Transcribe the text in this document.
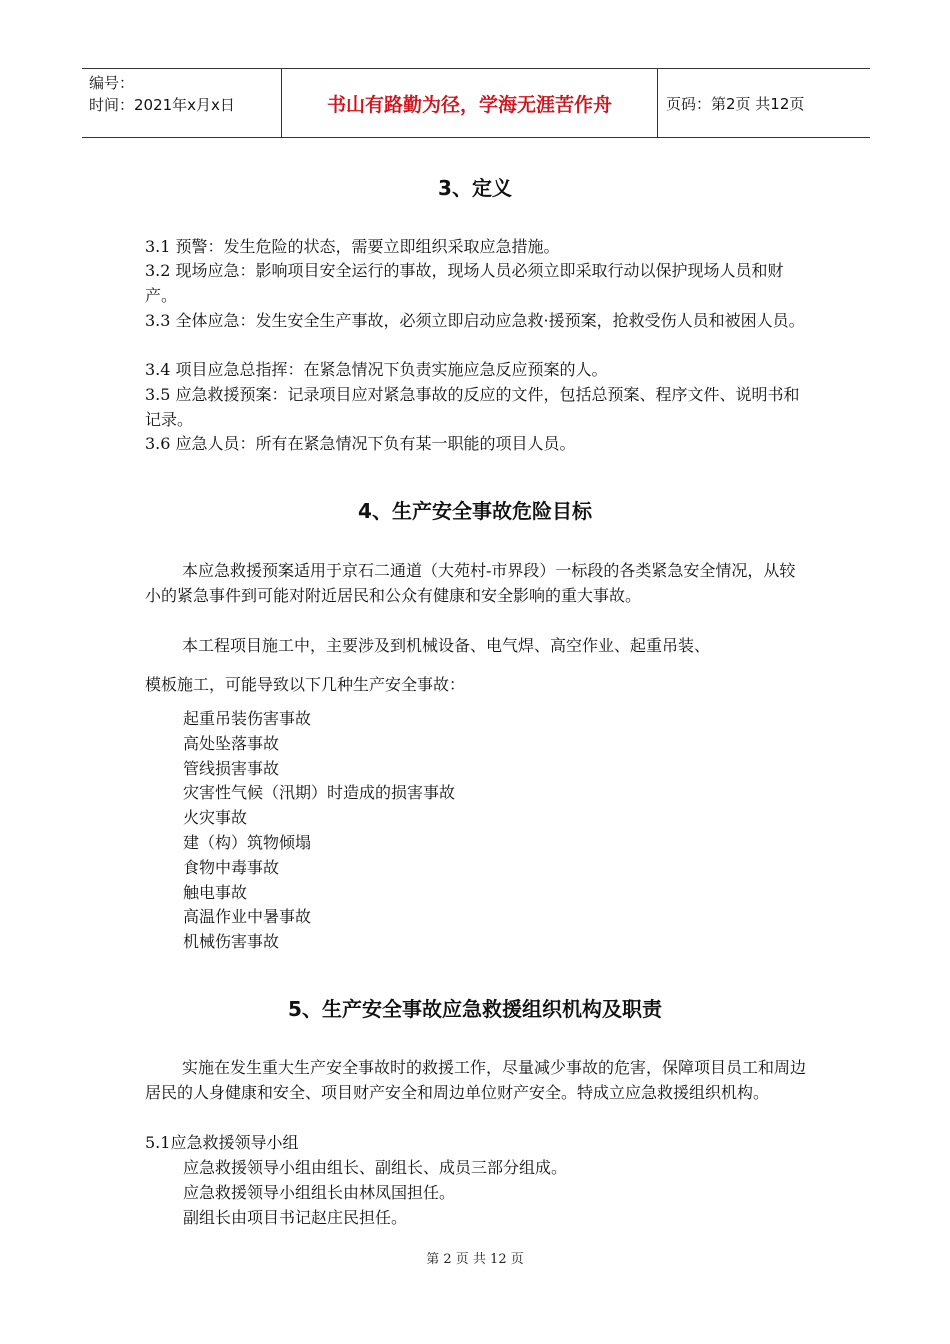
编号：
时间：2021年x月x日	书山有路勤为径，学海无涯苦作舟	页码：第2页 共12页
3、定义
3.1 预警：发生危险的状态，需要立即组织采取应急措施。
3.2 现场应急：影响项目安全运行的事故，现场人员必须立即采取行动以保护现场人员和财产。
3.3 全体应急：发生安全生产事故，必须立即启动应急救·援预案，抢救受伤人员和被困人员。
3.4 项目应急总指挥：在紧急情况下负责实施应急反应预案的人。
3.5 应急救援预案：记录项目应对紧急事故的反应的文件，包括总预案、程序文件、说明书和记录。
3.6 应急人员：所有在紧急情况下负有某一职能的项目人员。
4、生产安全事故危险目标
本应急救援预案适用于京石二通道（大苑村-市界段）一标段的各类紧急安全情况，从较小的紧急事件到可能对附近居民和公众有健康和安全影响的重大事故。
本工程项目施工中，主要涉及到机械设备、电气焊、高空作业、起重吊装、
模板施工，可能导致以下几种生产安全事故：
起重吊装伤害事故
高处坠落事故
管线损害事故
灾害性气候（汛期）时造成的损害事故
火灾事故
建（构）筑物倾塌
食物中毒事故
触电事故
高温作业中暑事故
机械伤害事故
5、生产安全事故应急救援组织机构及职责
实施在发生重大生产安全事故时的救援工作，尽量减少事故的危害，保障项目员工和周边居民的人身健康和安全、项目财产安全和周边单位财产安全。特成立应急救援组织机构。
5.1应急救援领导小组
应急救援领导小组由组长、副组长、成员三部分组成。
应急救援领导小组组长由林凤国担任。
副组长由项目书记赵庄民担任。
第 2 页 共 12 页
